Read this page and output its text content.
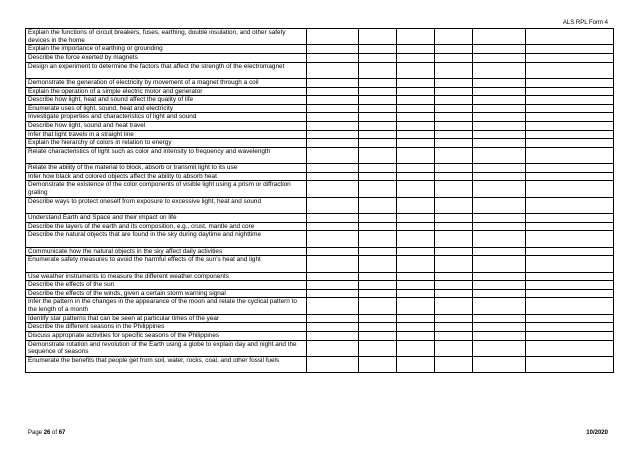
ALS RPL Form 4
Explain the functions of circuit breakers, fuses, earthing, double insulation, and other safety devices in the home						
Explain the importance of earthing or grounding						
Describe the force exerted by magnets						
Design an experiment to determine the factors that affect the strength of the electromagnet						
Demonstrate the generation of electricity by movement of a magnet through a coil						
Explain the operation of a simple electric motor and generator						
Describe how light, heat and sound affect the quality of life						
Enumerate uses of light, sound, heat and electricity						
Investigate properties and characteristics of light and sound						
Describe how light, sound and heat travel						
Infer that light travels in a straight line						
Explain the hierarchy of colors in relation to energy						
Relate characteristics of light such as color and intensity to frequency and wavelength						
Relate the ability of the material to block, absorb or transmit light to its use						
Infer how black and colored objects affect the ability to absorb heat						
Demonstrate the existence of the color components of visible light using a prism or diffraction grating						
Describe ways to protect oneself from exposure to excessive light, heat and sound						
Understand Earth and Space and their impact on life						
Describe the layers of the earth and its composition, e.g., crust, mantle and core						
Describe the natural objects that are found in the sky during daytime and nighttime						
Communicate how the natural objects in the sky affect daily activities						
Enumerate safety measures to avoid the harmful effects of the sun’s heat and light						
Use weather instruments to measure the different weather components						
Describe the effects of the sun						
Describe the effects of the winds, given a certain storm warning signal						
Infer the pattern in the changes in the appearance of the moon and relate the cyclical pattern to the length of a month						
Identify star patterns that can be seen at particular times of the year						
Describe the different seasons in the Philippines						
Discuss appropriate activities for specific seasons of the Philippines						
Demonstrate rotation and revolution of the Earth using a globe to explain day and night and the sequence of seasons						
Enumerate the benefits that people get from soil, water, rocks, coal, and other fossil fuels						
Page 26 of 67	10/2020
